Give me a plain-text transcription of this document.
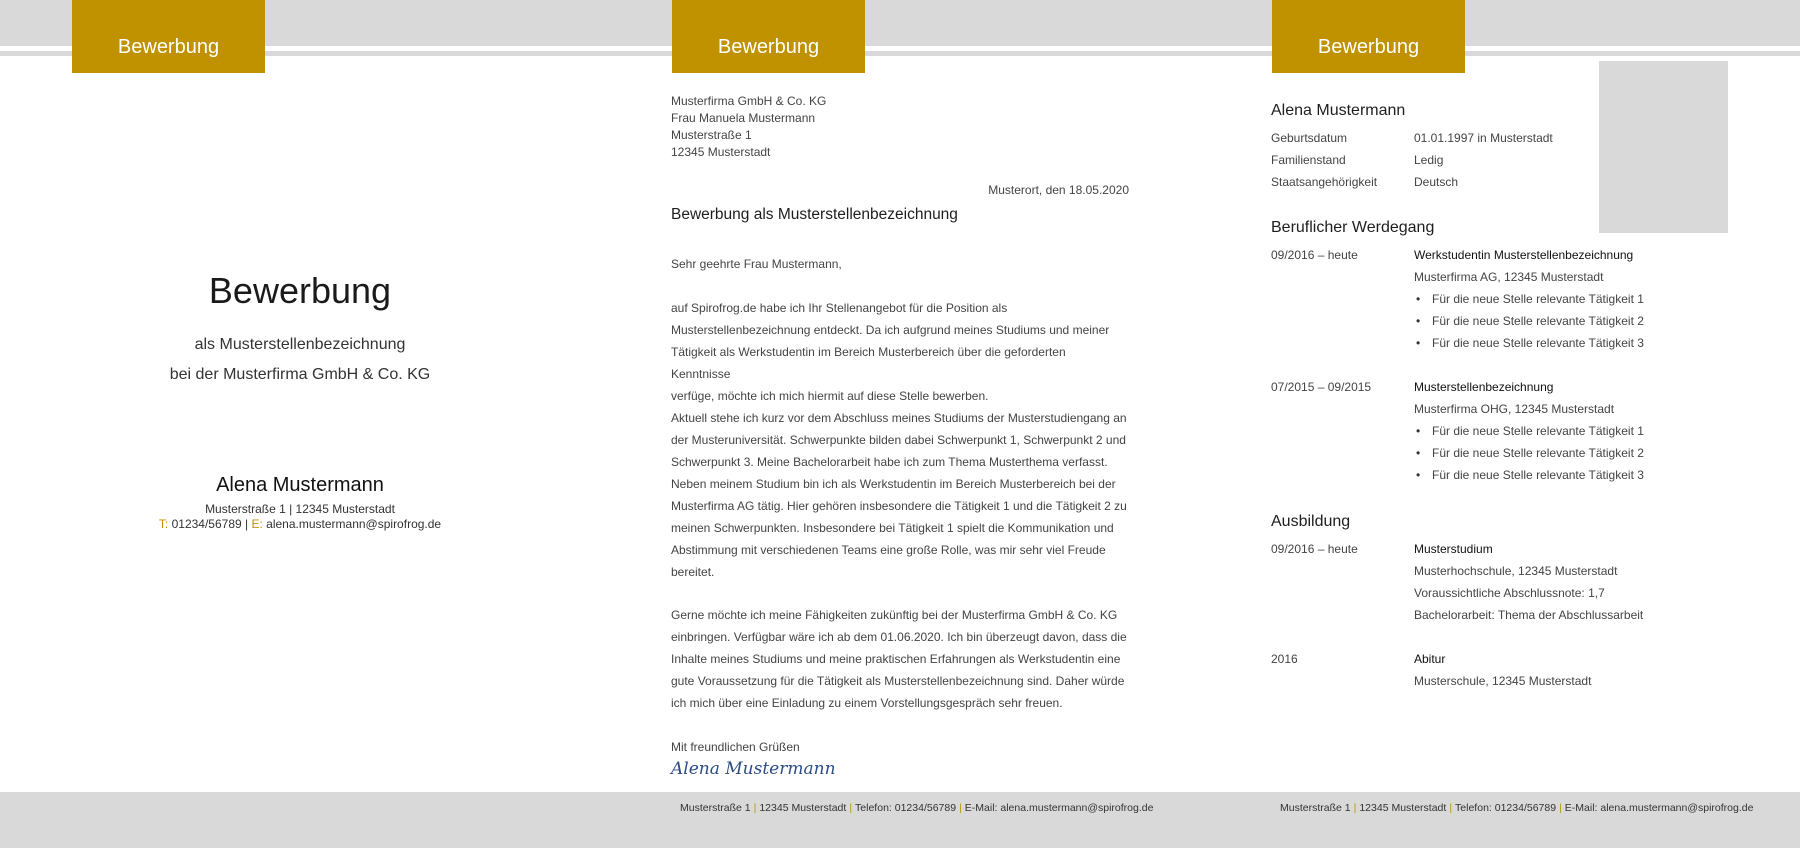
Bewerbung	Bewerbung	Bewerbung
Bewerbung
als Musterstellenbezeichnung
bei der Musterfirma GmbH & Co. KG
Alena Mustermann
Musterstraße 1 | 12345 Musterstadt
T: 01234/56789 | E: alena.mustermann@spirofrog.de
Musterfirma GmbH & Co. KG
Frau Manuela Mustermann
Musterstraße 1
12345 Musterstadt
Musterort, den 18.05.2020
Bewerbung als Musterstellenbezeichnung
Sehr geehrte Frau Mustermann,
auf Spirofrog.de habe ich Ihr Stellenangebot für die Position als
Musterstellenbezeichnung entdeckt. Da ich aufgrund meines Studiums und meiner
Tätigkeit als Werkstudentin im Bereich Musterbereich über die geforderten Kenntnisse
verfüge, möchte ich mich hiermit auf diese Stelle bewerben.
Aktuell stehe ich kurz vor dem Abschluss meines Studiums der Musterstudiengang an
der Musteruniversität. Schwerpunkte bilden dabei Schwerpunkt 1, Schwerpunkt 2 und
Schwerpunkt 3. Meine Bachelorarbeit habe ich zum Thema Musterthema verfasst.
Neben meinem Studium bin ich als Werkstudentin im Bereich Musterbereich bei der
Musterfirma AG tätig. Hier gehören insbesondere die Tätigkeit 1 und die Tätigkeit 2 zu
meinen Schwerpunkten. Insbesondere bei Tätigkeit 1 spielt die Kommunikation und
Abstimmung mit verschiedenen Teams eine große Rolle, was mir sehr viel Freude
bereitet.
Gerne möchte ich meine Fähigkeiten zukünftig bei der Musterfirma GmbH & Co. KG
einbringen. Verfügbar wäre ich ab dem 01.06.2020. Ich bin überzeugt davon, dass die
Inhalte meines Studiums und meine praktischen Erfahrungen als Werkstudentin eine
gute Voraussetzung für die Tätigkeit als Musterstellenbezeichnung sind. Daher würde
ich mich über eine Einladung zu einem Vorstellungsgespräch sehr freuen.
Mit freundlichen Grüßen
Alena Mustermann
Musterstraße 1 | 12345 Musterstadt | Telefon: 01234/56789 | E-Mail: alena.mustermann@spirofrog.de	Musterstraße 1 | 12345 Musterstadt | Telefon: 01234/56789 | E-Mail: alena.mustermann@spirofrog.de
Alena Mustermann
Geburtsdatum	01.01.1997 in Musterstadt
Familienstand	Ledig
Staatsangehörigkeit	Deutsch
Beruflicher Werdegang
09/2016 – heute	Werkstudentin Musterstellenbezeichnung
Musterfirma AG, 12345 Musterstadt
• Für die neue Stelle relevante Tätigkeit 1
• Für die neue Stelle relevante Tätigkeit 2
• Für die neue Stelle relevante Tätigkeit 3
07/2015 – 09/2015	Musterstellenbezeichnung
Musterfirma OHG, 12345 Musterstadt
• Für die neue Stelle relevante Tätigkeit 1
• Für die neue Stelle relevante Tätigkeit 2
• Für die neue Stelle relevante Tätigkeit 3
Ausbildung
09/2016 – heute	Musterstudium
Musterhochschule, 12345 Musterstadt
Voraussichtliche Abschlussnote: 1,7
Bachelorarbeit: Thema der Abschlussarbeit
2016	Abitur
Musterschule, 12345 Musterstadt
